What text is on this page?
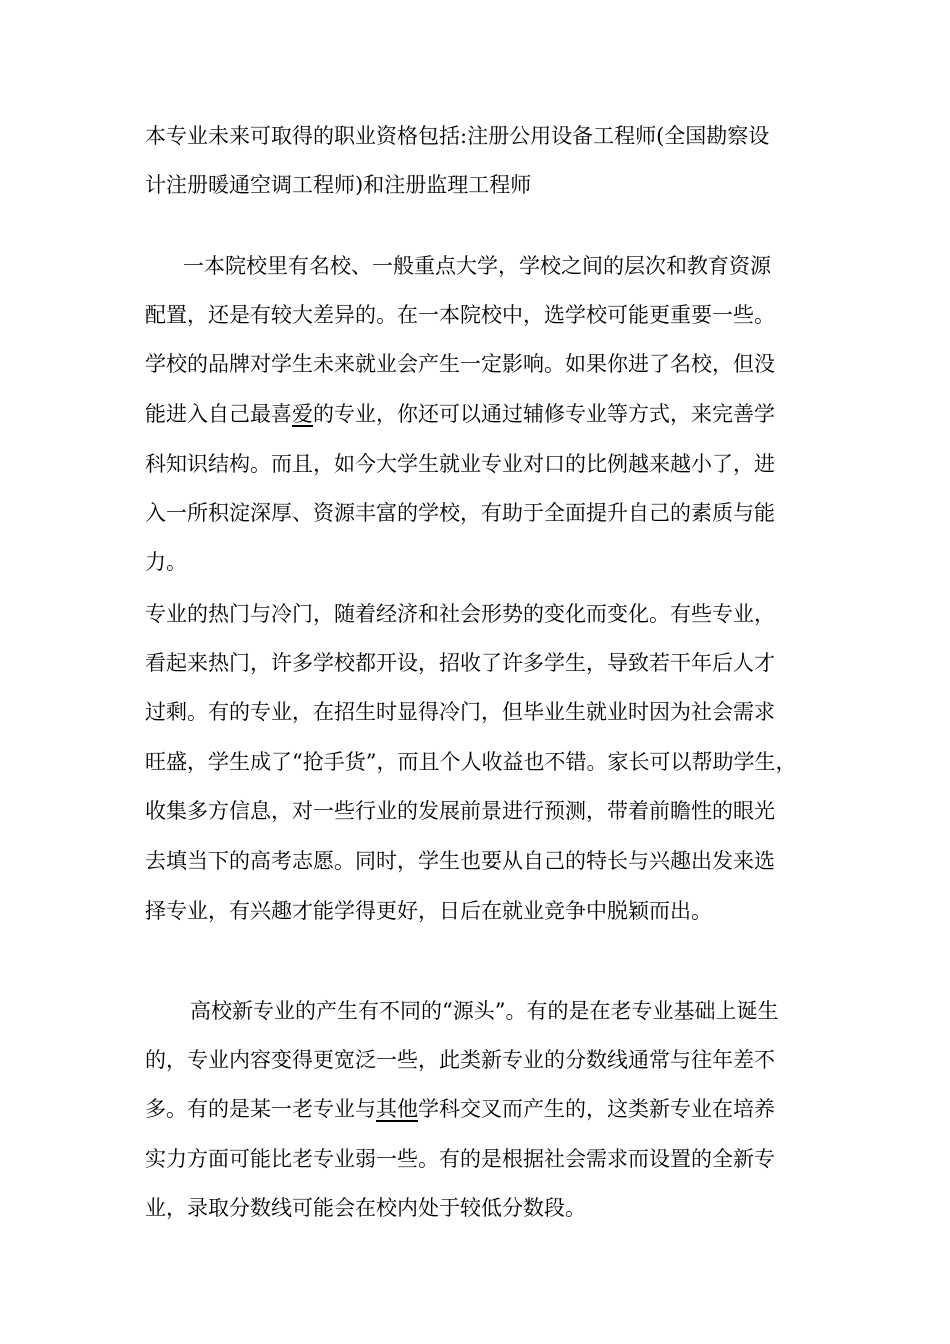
本专业未来可取得的职业资格包括:注册公用设备工程师(全国勘察设

计注册暖通空调工程师)和注册监理工程师

一本院校里有名校、一般重点大学，学校之间的层次和教育资源

配置，还是有较大差异的。在一本院校中，选学校可能更重要一些。

学校的品牌对学生未来就业会产生一定影响。如果你进了名校，但没

能进入自己最喜爱的专业，你还可以通过辅修专业等方式，来完善学

科知识结构。而且，如今大学生就业专业对口的比例越来越小了，进

入一所积淀深厚、资源丰富的学校，有助于全面提升自己的素质与能

力。

专业的热门与冷门，随着经济和社会形势的变化而变化。有些专业，

看起来热门，许多学校都开设，招收了许多学生，导致若干年后人才

过剩。有的专业，在招生时显得冷门，但毕业生就业时因为社会需求

旺盛，学生成了“抢手货”，而且个人收益也不错。家长可以帮助学生，

收集多方信息，对一些行业的发展前景进行预测，带着前瞻性的眼光

去填当下的高考志愿。同时，学生也要从自己的特长与兴趣出发来选

择专业，有兴趣才能学得更好，日后在就业竞争中脱颖而出。

高校新专业的产生有不同的“源头”。有的是在老专业基础上诞生

的，专业内容变得更宽泛一些，此类新专业的分数线通常与往年差不

多。有的是某一老专业与其他学科交叉而产生的，这类新专业在培养

实力方面可能比老专业弱一些。有的是根据社会需求而设置的全新专

业，录取分数线可能会在校内处于较低分数段。
